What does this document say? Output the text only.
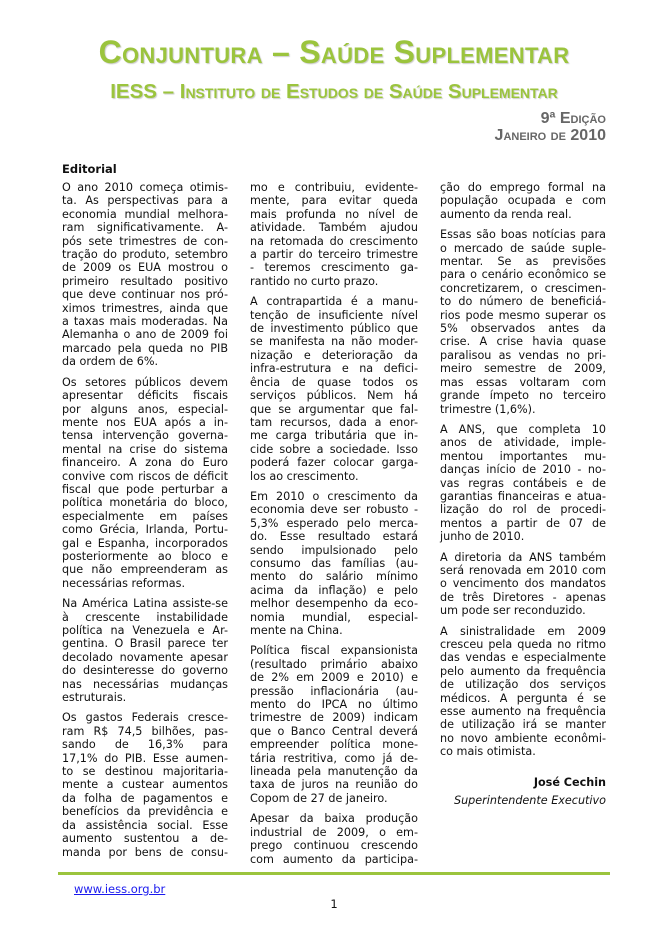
Conjuntura – Saúde Suplementar
IESS – Instituto de Estudos de Saúde Suplementar
9ª Edição
Janeiro de 2010
Editorial

O ano 2010 começa otimis-
ta. As perspectivas para a
economia mundial melhora-
ram significativamente. A-
pós sete trimestres de con-
tração do produto, setembro
de 2009 os EUA mostrou o
primeiro resultado positivo
que deve continuar nos pró-
ximos trimestres, ainda que
a taxas mais moderadas. Na
Alemanha o ano de 2009 foi
marcado pela queda no PIB
da ordem de 6%.

Os setores públicos devem
apresentar déficits fiscais
por alguns anos, especial-
mente nos EUA após a in-
tensa intervenção governa-
mental na crise do sistema
financeiro. A zona do Euro
convive com riscos de déficit
fiscal que pode perturbar a
política monetária do bloco,
especialmente em países
como Grécia, Irlanda, Portu-
gal e Espanha, incorporados
posteriormente ao bloco e
que não empreenderam as
necessárias reformas.

Na América Latina assiste-se
à crescente instabilidade
política na Venezuela e Ar-
gentina. O Brasil parece ter
decolado novamente apesar
do desinteresse do governo
nas necessárias mudanças
estruturais.

Os gastos Federais cresce-
ram R$ 74,5 bilhões, pas-
sando de 16,3% para
17,1% do PIB. Esse aumen-
to se destinou majoritaria-
mente a custear aumentos
da folha de pagamentos e
benefícios da previdência e
da assistência social. Esse
aumento sustentou a de-
manda por bens de consu-

mo e contribuiu, evidente-
mente, para evitar queda
mais profunda no nível de
atividade. Também ajudou
na retomada do crescimento
a partir do terceiro trimestre
- teremos crescimento ga-
rantido no curto prazo.

A contrapartida é a manu-
tenção de insuficiente nível
de investimento público que
se manifesta na não moder-
nização e deterioração da
infra-estrutura e na defici-
ência de quase todos os
serviços públicos. Nem há
que se argumentar que fal-
tam recursos, dada a enor-
me carga tributária que in-
cide sobre a sociedade. Isso
poderá fazer colocar garga-
los ao crescimento.

Em 2010 o crescimento da
economia deve ser robusto -
5,3% esperado pelo merca-
do. Esse resultado estará
sendo impulsionado pelo
consumo das famílias (au-
mento do salário mínimo
acima da inflação) e pelo
melhor desempenho da eco-
nomia mundial, especial-
mente na China.

Política fiscal expansionista
(resultado primário abaixo
de 2% em 2009 e 2010) e
pressão inflacionária (au-
mento do IPCA no último
trimestre de 2009) indicam
que o Banco Central deverá
empreender política mone-
tária restritiva, como já de-
lineada pela manutenção da
taxa de juros na reunião do
Copom de 27 de janeiro.

Apesar da baixa produção
industrial de 2009, o em-
prego continuou crescendo
com aumento da participa-

ção do emprego formal na
população ocupada e com
aumento da renda real.

Essas são boas notícias para
o mercado de saúde suple-
mentar. Se as previsões
para o cenário econômico se
concretizarem, o crescimen-
to do número de beneficiá-
rios pode mesmo superar os
5% observados antes da
crise. A crise havia quase
paralisou as vendas no pri-
meiro semestre de 2009,
mas essas voltaram com
grande ímpeto no terceiro
trimestre (1,6%).

A ANS, que completa 10
anos de atividade, imple-
mentou importantes mu-
danças início de 2010 - no-
vas regras contábeis e de
garantias financeiras e atua-
lização do rol de procedi-
mentos a partir de 07 de
junho de 2010.

A diretoria da ANS também
será renovada em 2010 com
o vencimento dos mandatos
de três Diretores - apenas
um pode ser reconduzido.

A sinistralidade em 2009
cresceu pela queda no ritmo
das vendas e especialmente
pelo aumento da frequência
de utilização dos serviços
médicos. A pergunta é se
esse aumento na frequência
de utilização irá se manter
no novo ambiente econômi-
co mais otimista.

José Cechin
Superintendente Executivo
www.iess.org.br
1
